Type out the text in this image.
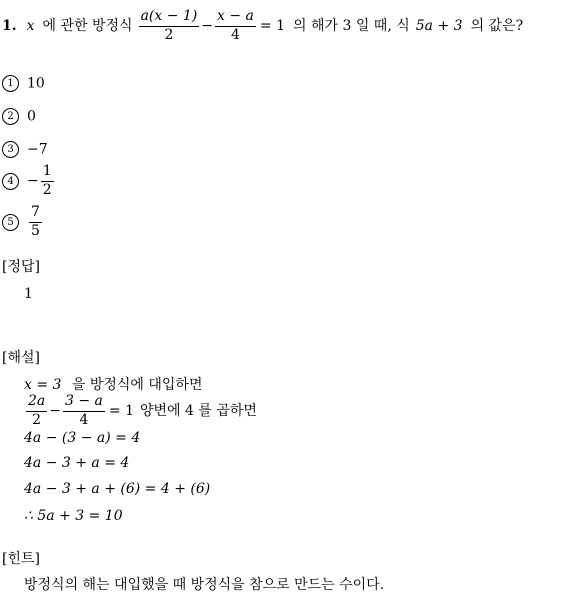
1. x 에 관한 방정식 $\frac{a(x - 1)}{2} - \frac{x - a}{4} = 1$ 의 해가 3 일 때, 식 5a + 3 의 값은?
1 10
2 0
3 −7
$4 - \frac{1}{2}$
5	$\frac{7}{5}$
[정답]
1
[해설]
x = 3 을 방정식에 대입하면
$\frac{2a}{2} - \frac{3 - a}{4} = 1$ 양변에 4 를 곱하면
4a − (3 − a) = 4
4a − 3 + a = 4
4a − 3 + a + (6) = 4 + (6)
∴ 5a + 3 = 10
[힌트]
방정식의 해는 대입했을 때 방정식을 참으로 만드는 수이다.
